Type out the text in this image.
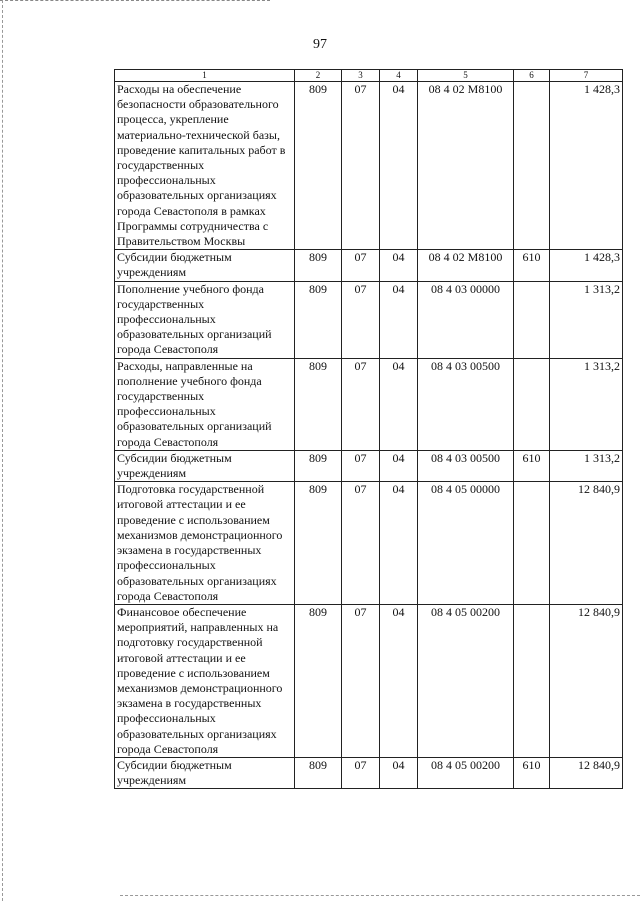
97
1	2	3	4	5	6	7
Расходы на обеспечение безопасности образовательного процесса, укрепление материально-технической базы, проведение капитальных работ в государственных профессиональных образовательных организациях города Севастополя в рамках Программы сотрудничества с Правительством Москвы	809	07	04	08 4 02 М8100		1 428,3
Субсидии бюджетным учреждениям	809	07	04	08 4 02 М8100	610	1 428,3
Пополнение учебного фонда государственных профессиональных образовательных организаций города Севастополя	809	07	04	08 4 03 00000		1 313,2
Расходы, направленные на пополнение учебного фонда государственных профессиональных образовательных организаций города Севастополя	809	07	04	08 4 03 00500		1 313,2
Субсидии бюджетным учреждениям	809	07	04	08 4 03 00500	610	1 313,2
Подготовка государственной итоговой аттестации и ее проведение с использованием механизмов демонстрационного экзамена в государственных профессиональных образовательных организациях города Севастополя	809	07	04	08 4 05 00000		12 840,9
Финансовое обеспечение мероприятий, направленных на подготовку государственной итоговой аттестации и ее проведение с использованием механизмов демонстрационного экзамена в государственных профессиональных образовательных организациях города Севастополя	809	07	04	08 4 05 00200		12 840,9
Субсидии бюджетным учреждениям	809	07	04	08 4 05 00200	610	12 840,9
